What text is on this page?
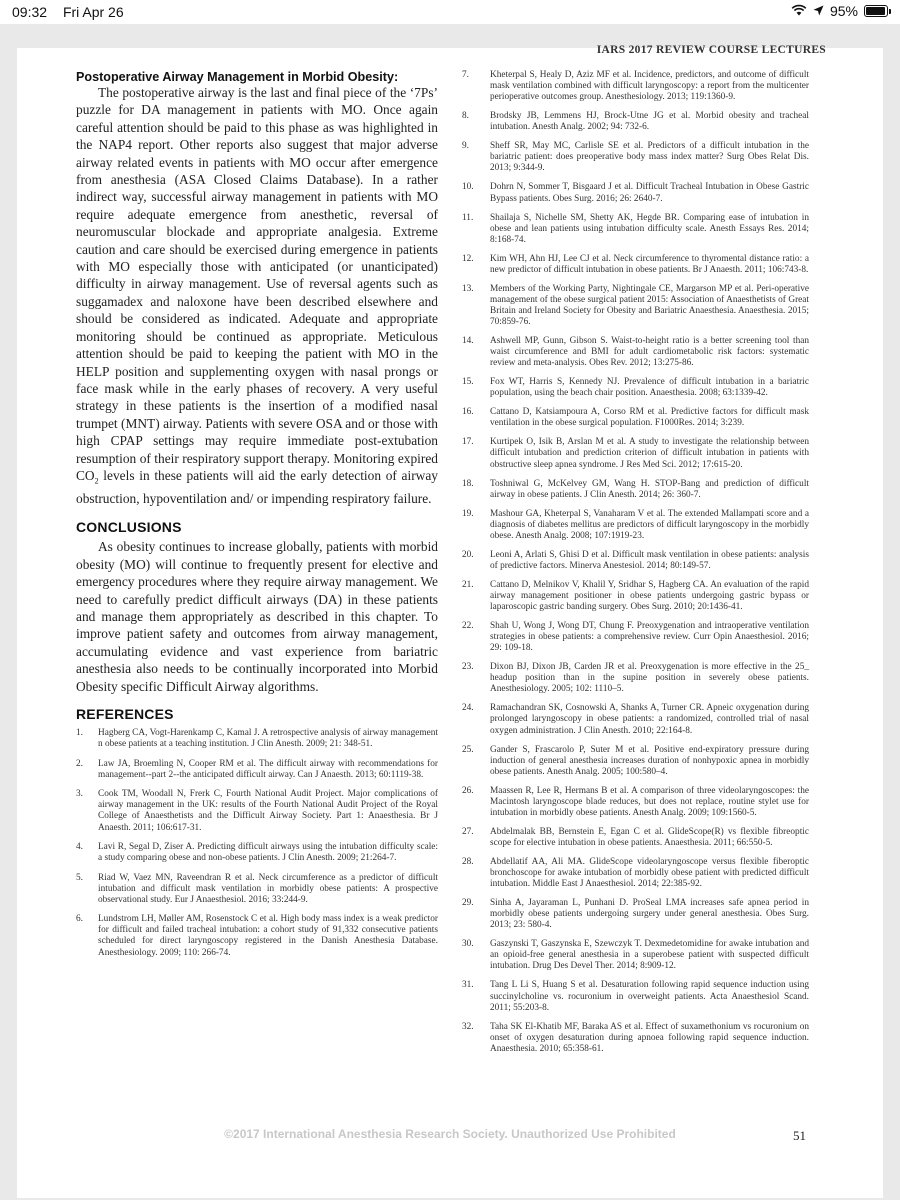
09:32 Fri Apr 26	95%
IARS 2017 REVIEW COURSE LECTURES
Postoperative Airway Management in Morbid Obesity:

The postoperative airway is the last and final piece of the ‘7Ps’ puzzle for DA management in patients with MO. Once again careful attention should be paid to this phase as was highlighted in the NAP4 report. Other reports also suggest that major adverse airway related events in patients with MO occur after emergence from anesthesia (ASA Closed Claims Database). In a rather indirect way, successful airway management in patients with MO require adequate emergence from anesthetic, reversal of neuromuscular blockade and appropriate analgesia. Extreme caution and care should be exercised during emergence in patients with MO especially those with anticipated (or unanticipated) difficulty in airway management. Use of reversal agents such as suggamadex and naloxone have been described elsewhere and should be considered as indicated. Adequate and appropriate monitoring should be continued as appropriate. Meticulous attention should be paid to keeping the patient with MO in the HELP position and supplementing oxygen with nasal prongs or face mask while in the early phases of recovery. A very useful strategy in these patients is the insertion of a modified nasal trumpet (MNT) airway. Patients with severe OSA and or those with high CPAP settings may require immediate post-extubation resumption of their respiratory support therapy. Monitoring expired $CO_2$ levels in these patients will aid the early detection of airway obstruction, hypoventilation and/ or impending respiratory failure.

CONCLUSIONS

As obesity continues to increase globally, patients with morbid obesity (MO) will continue to frequently present for elective and emergency procedures where they require airway management. We need to carefully predict difficult airways (DA) in these patients and manage them appropriately as described in this chapter. To improve patient safety and outcomes from airway management, accumulating evidence and vast experience from bariatric anesthesia also needs to be continually incorporated into Morbid Obesity specific Difficult Airway algorithms.

REFERENCES
1.	Hagberg CA, Vogt-Harenkamp C, Kamal J. A retrospective analysis of airway management n obese patients at a teaching institution. J Clin Anesth. 2009; 21: 348-51.
2.	Law JA, Broemling N, Cooper RM et al. The difficult airway with recommendations for management--part 2--the anticipated difficult airway. Can J Anaesth. 2013; 60:1119-38.
3.	Cook TM, Woodall N, Frerk C, Fourth National Audit Project. Major complications of airway management in the UK: results of the Fourth National Audit Project of the Royal College of Anaesthetists and the Difficult Airway Society. Part 1: Anaesthesia. Br J Anaesth. 2011; 106:617-31.
4.	Lavi R, Segal D, Ziser A. Predicting difficult airways using the intubation difficulty scale: a study comparing obese and non-obese patients. J Clin Anesth. 2009; 21:264-7.
5.	Riad W, Vaez MN, Raveendran R et al. Neck circumference as a predictor of difficult intubation and difficult mask ventilation in morbidly obese patients: A prospective observational study. Eur J Anaesthesiol. 2016; 33:244-9.
6.	Lundstrom LH, Møller AM, Rosenstock C et al. High body mass index is a weak predictor for difficult and failed tracheal intubation: a cohort study of 91,332 consecutive patients scheduled for direct laryngoscopy registered in the Danish Anesthesia Database. Anesthesiology. 2009; 110: 266-74.
7.	Kheterpal S, Healy D, Aziz MF et al. Incidence, predictors, and outcome of difficult mask ventilation combined with difficult laryngoscopy: a report from the multicenter perioperative outcomes group. Anesthesiology. 2013; 119:1360-9.
8.	Brodsky JB, Lemmens HJ, Brock-Utne JG et al. Morbid obesity and tracheal intubation. Anesth Analg. 2002; 94: 732-6.
9.	Sheff SR, May MC, Carlisle SE et al. Predictors of a difficult intubation in the bariatric patient: does preoperative body mass index matter? Surg Obes Relat Dis. 2013; 9:344-9.
10.	Dohrn N, Sommer T, Bisgaard J et al. Difficult Tracheal Intubation in Obese Gastric Bypass patients. Obes Surg. 2016; 26: 2640-7.
11.	Shailaja S, Nichelle SM, Shetty AK, Hegde BR. Comparing ease of intubation in obese and lean patients using intubation difficulty scale. Anesth Essays Res. 2014; 8:168-74.
12.	Kim WH, Ahn HJ, Lee CJ et al. Neck circumference to thyromental distance ratio: a new predictor of difficult intubation in obese patients. Br J Anaesth. 2011; 106:743-8.
13.	Members of the Working Party, Nightingale CE, Margarson MP et al. Peri-operative management of the obese surgical patient 2015: Association of Anaesthetists of Great Britain and Ireland Society for Obesity and Bariatric Anaesthesia. Anaesthesia. 2015; 70:859-76.
14.	Ashwell MP, Gunn, Gibson S. Waist-to-height ratio is a better screening tool than waist circumference and BMI for adult cardiometabolic risk factors: systematic review and meta-analysis. Obes Rev. 2012; 13:275-86.
15.	Fox WT, Harris S, Kennedy NJ. Prevalence of difficult intubation in a bariatric population, using the beach chair position. Anaesthesia. 2008; 63:1339-42.
16.	Cattano D, Katsiampoura A, Corso RM et al. Predictive factors for difficult mask ventilation in the obese surgical population. F1000Res. 2014; 3:239.
17.	Kurtipek O, Isik B, Arslan M et al. A study to investigate the relationship between difficult intubation and prediction criterion of difficult intubation in patients with obstructive sleep apnea syndrome. J Res Med Sci. 2012; 17:615-20.
18.	Toshniwal G, McKelvey GM, Wang H. STOP-Bang and prediction of difficult airway in obese patients. J Clin Anesth. 2014; 26: 360-7.
19.	Mashour GA, Kheterpal S, Vanaharam V et al. The extended Mallampati score and a diagnosis of diabetes mellitus are predictors of difficult laryngoscopy in the morbidly obese. Anesth Analg. 2008; 107:1919-23.
20.	Leoni A, Arlati S, Ghisi D et al. Difficult mask ventilation in obese patients: analysis of predictive factors. Minerva Anestesiol. 2014; 80:149-57.
21.	Cattano D, Melnikov V, Khalil Y, Sridhar S, Hagberg CA. An evaluation of the rapid airway management positioner in obese patients undergoing gastric bypass or laparoscopic gastric banding surgery. Obes Surg. 2010; 20:1436-41.
22.	Shah U, Wong J, Wong DT, Chung F. Preoxygenation and intraoperative ventilation strategies in obese patients: a comprehensive review. Curr Opin Anaesthesiol. 2016; 29: 109-18.
23.	Dixon BJ, Dixon JB, Carden JR et al. Preoxygenation is more effective in the 25_ headup position than in the supine position in severely obese patients. Anesthesiology. 2005; 102: 1110–5.
24.	Ramachandran SK, Cosnowski A, Shanks A, Turner CR. Apneic oxygenation during prolonged laryngoscopy in obese patients: a randomized, controlled trial of nasal oxygen administration. J Clin Anesth. 2010; 22:164-8.
25.	Gander S, Frascarolo P, Suter M et al. Positive end-expiratory pressure during induction of general anesthesia increases duration of nonhypoxic apnea in morbidly obese patients. Anesth Analg. 2005; 100:580–4.
26.	Maassen R, Lee R, Hermans B et al. A comparison of three videolaryngoscopes: the Macintosh laryngoscope blade reduces, but does not replace, routine stylet use for intubation in morbidly obese patients. Anesth Analg. 2009; 109:1560-5.
27.	Abdelmalak BB, Bernstein E, Egan C et al. GlideScope(R) vs flexible fibreoptic scope for elective intubation in obese patients. Anaesthesia. 2011; 66:550-5.
28.	Abdellatif AA, Ali MA. GlideScope videolaryngoscope versus flexible fiberoptic bronchoscope for awake intubation of morbidly obese patient with predicted difficult intubation. Middle East J Anaesthesiol. 2014; 22:385-92.
29.	Sinha A, Jayaraman L, Punhani D. ProSeal LMA increases safe apnea period in morbidly obese patients undergoing surgery under general anesthesia. Obes Surg. 2013; 23: 580-4.
30.	Gaszynski T, Gaszynska E, Szewczyk T. Dexmedetomidine for awake intubation and an opioid-free general anesthesia in a superobese patient with suspected difficult intubation. Drug Des Devel Ther. 2014; 8:909-12.
31.	Tang L Li S, Huang S et al. Desaturation following rapid sequence induction using succinylcholine vs. rocuronium in overweight patients. Acta Anaesthesiol Scand. 2011; 55:203-8.
32.	Taha SK El-Khatib MF, Baraka AS et al. Effect of suxamethonium vs rocuronium on onset of oxygen desaturation during apnoea following rapid sequence induction. Anaesthesia. 2010; 65:358-61.
©2017 International Anesthesia Research Society. Unauthorized Use Prohibited	51
